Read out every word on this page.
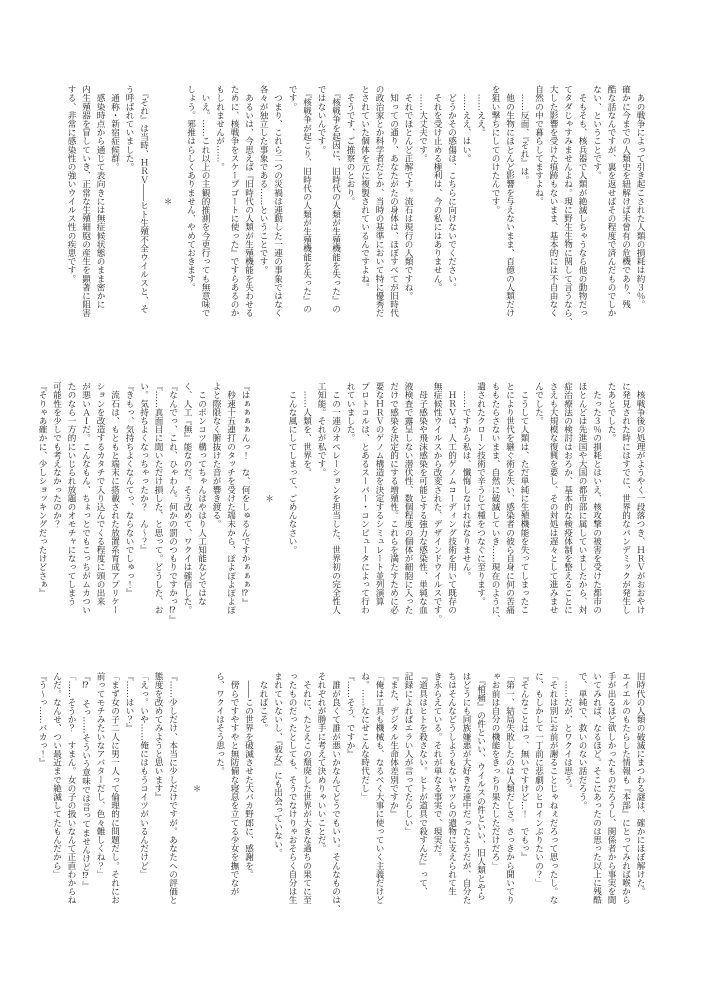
　あの戦争によって引き起こされた人類の損耗は約３％。

確かに今までの人類史を紐解けば未曾有の危機であり、残

酷な話なんですが、裏を返せばその程度で済んだものでしか

ない、ということです。

　そもそも、核兵器で人類が絶滅しちゃうなら他の動物だっ

てタダじゃすみませんよね。現に野生生物に関して言うなら、

大した影響を受けた痕跡もないまま、基本的には不自由なく

自然の中で暮らしてますよね。

　……反面、『それ』は。

　他の生物にほとんど影響を与えないまま、百億の人類だけ

を狙い撃ちにしてのけたんです。

　……ええ。

　……ええ、はい。

　どうかその感傷は、こちらに向けないでください。

　それを受け止める権利は、今の私にはありません。

　……大丈夫です。

　それでほとんど正解です。流石は現行の人類ですね。

　知っての通り、あなたがたの身体は、ほぼすべてが旧時代

の政治家とか科学者だとか、当時の基準において特に優秀だ

とされていた個体を元に複製されているんですよね。

　そうです、ご推察のとおり。

　『核戦争を起因に、旧時代の人類が生殖機能を失った』の

ではないんです。

　『核戦争が起こり、旧時代の人類が生殖機能を失った』の

です。

　つまり、これら二つの災禍は連動した一連の事象ではなく

各々が独立した事象である……ということです。

　あるいは、今思えば『旧時代の人類が生殖機能を失わせる

ために、核戦争をスケープゴートに使った』ですらあるのか

もしれませんが……。

　いえ。……これ以上の主観的推測を今更行っても無意味で

しょう。邪推はらしくありません、やめておきます。

＊

　『それ』は当時、ＨＲＶ――ヒト生殖不全ウイルスと、そ

う呼ばれていました。

　通称・新宿症候群。

　感染時点から通じて表向きには無症候状態のまま密かに

内生殖器を冒していき、正常な生殖細胞の産生を顕著に阻害

する、非常に感染性の強いウイルス性の疾患です。

　核戦争後の処理がようやく一段落つき、ＨＲＶがおおやけ

に発見された時にはすでに、世界的なパンデミックが発生し

たあとでした。

　たった３％の損耗とはいえ、核攻撃の被害を受けた都市の

ほとんどは先進国や大国の都市部に属していましたから、対

症治療法の検討はおろか、基本的な検疫体制を整えることに

さえも大規模な復興を要し、その対処は遅々として進みませ

んでした。

　こうして人類は、ただ単純に生殖機能を失ってしまったこ

とにより世代を継ぐ術を失い、感染者の彼ら自身に何の苦痛

ももたらさないまま、自然に破滅していき……現在のように、

遺されたクローン技術で辛うじて種をつなぐに至ります。

　……ですから私は、懺悔しなければなりません。

　ＨＲＶは、人工的ゲノムコーディング技術を用いて既存の

無症候性ウイルスから改変された、デザインドウイルスです。

　母子感染や飛沫感染を可能とする強力な感染性、単純な血

液検査で露呈しない潜伏性、数個程度の個体が細胞に入った

だけで感染を決定的にする増殖性。これらを満たすために必

要なＨＲＶのゲノム構造を決定するシミュレート並列演算

プロトコルは、とあるスーパー・コンピュータによって行わ

れていました。

　この一連のオペレーションを担当した、世界初の完全性人

工知能。それが私です。

　……人類を、世界を。

　こんな風にしてしまって、ごめんなさい。

＊

『はぁぁぁぁんっ！　な、何をしゅるんですかぁぁぁ⁉』

　秒速十五連打のタッチを受けた端末から、ぽよぽよぽよぽ

よと際限なく腑抜けた音が響き渡る。

　このポンコツ構ってちゃんはやはり人工知能などではな

く、人工『無』能なのだ。そう改めて、ワクイは確信した。

『なんでっ、これ、ひゃわん。何かの罰のつもりですかっ⁉』

『……真面目に聞いただけ損した、と思って。どうした、お

い。気持ちよくなっちゃったか？　ん～？』

『きもっ、気持ちよくなんてっ、ならないでしゅっ！』

　流石は、もともと端末に搭載された放置系育成アプリケー

ションを改造するカタチで入り込んでくる程度に頭の出来

が悪いＡＩだ。こんなもん、ちょっとでもこっちがムカつい

たのなら一方的にいじられ放題のオモチャになってしまう

可能性を少しでも考えなかったのか？

『そりゃあ確かに、少しショッキングだったけどさぁ』

旧時代の人類の破滅にまつわる謎は、確かにほぼ解けた。

エイエルのもたらした情報も『本部』にとってみれば喉から

手が出るほど欲しかったものだろうし、関係者から事実を聞

いてみれば、なるほど。そこにあったのは思った以上に残酷

で、単純で、救いのない話だろう。

　……だが、とワクイは思う。

「それは別にお前が謝ることじゃねぇだろって思ったし。な

に、もしかして一丁前に悲劇のヒロインぶりたいの？」

『そんなことはっ、無いですけど…！　でもっ』

「第一、結局失敗したのは人類だしさ。さっきから聞いてり

ゃお前は自分の機能をきっちり果たしただけだろ」

　『棺桶』の件といい、ウイルスの件といい、旧人類とやら

はどうにも同族嫌悪が大好きな連中だったようだが、自分た

ちはそんなどうしようもないヤツらの遺物に支えられて生

き永らえている。それが単なる事実で、現実だ。

『道具はヒトを殺さない。ヒトが道具で殺すんだ』って、

記録によればエラい人が言ってたらしい」

『また、デジタル生命体差別ですか』

「俺は工具も機械も、なるべく大事に使っていく主義だけど

ね。……なにせこんな時代だし」

『……そう、ですか』

　誰が良くて誰が悪いかなんてどうでもいい。そんなものは、

それぞれが勝手に考えて決めりゃいいことだ。

　それに、たとえこの頽廃した世界が大きな過ちの果てに至

ったものだったとしても、そうでなけりゃおそらく自分は生

まれていないし、『彼女』にも出会っていない。

　なればこそ。

　――この世界を破滅させた大バカ野郎に、感謝を。

　傍らですやすやと無防備な寝息を立てる少女を撫でなが

ら、ワクイはそう思った。

＊

『……少しだけ、本当に少しだけですが。あなたへの評価と

態度を改めてみようと思います』

「えっ。いや……俺にはもうコイツがいるんだけど」

『……はい？』

「まず女の子二人に男一人って倫理的に問題だし。それにお

前ってモチみたいなアバターだし、色々難しくね？」

『⁉　そっ……そういう意味では言ってませんけど⁉』

「……そうか？　すまん。女の子の扱いなんて正直わからね

んだ。なんせ、つい最近まで絶滅してたもんだから」

『う～っ……バカっ！』
